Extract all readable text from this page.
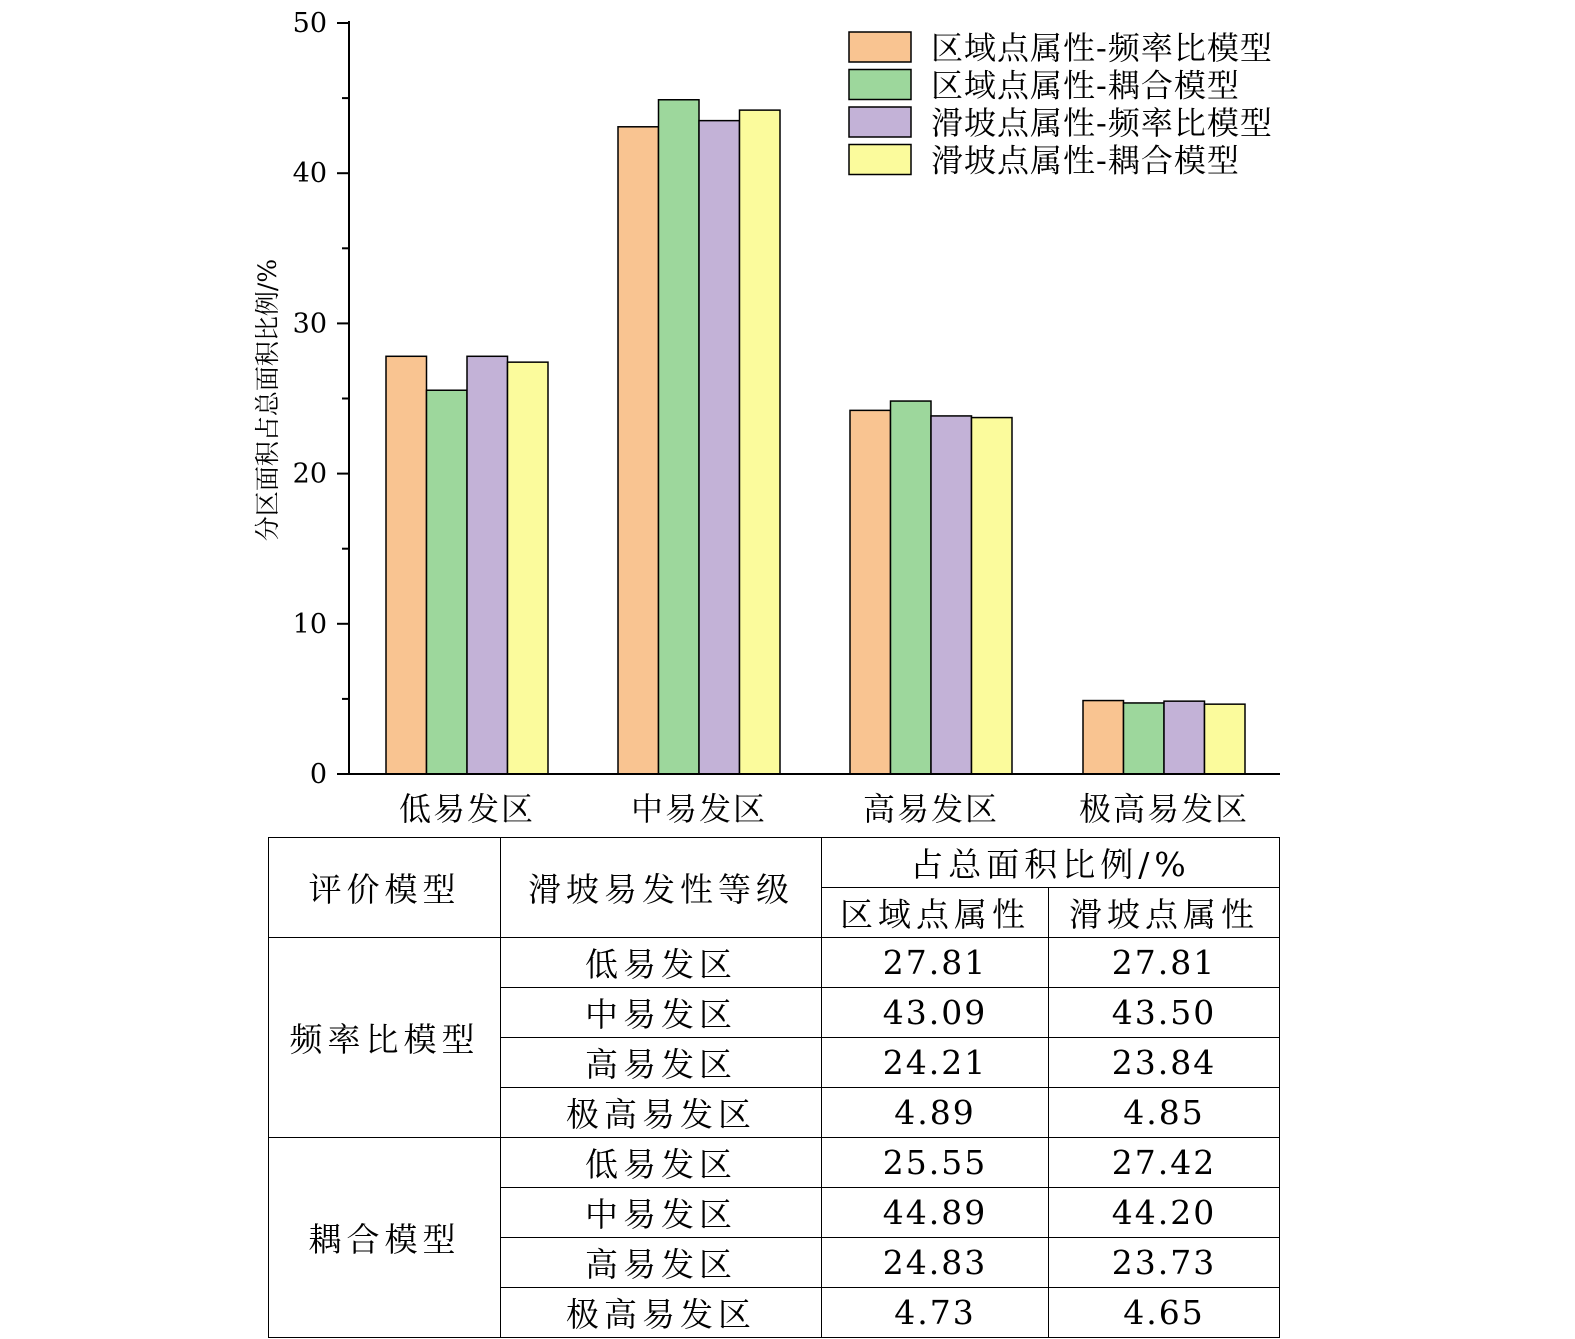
0
10
20
30
40
50
分区面积占总面积比例/%
低易发区	中易发区	高易发区 极高易发区
区域点属性-频率比模型
区域点属性-耦合模型
滑坡点属性-频率比模型
滑坡点属性-耦合模型
评价模型	滑坡易发性等级	占总面积比例/%	
		区域点属性	滑坡点属性
频率比模型	低易发区	27.81	27.81
	中易发区	43.09	43.50
	高易发区	24.21	23.84
	极高易发区	4.89	4.85
耦合模型	低易发区	25.55	27.42
	中易发区	44.89	44.20
	高易发区	24.83	23.73
	极高易发区	4.73	4.65
